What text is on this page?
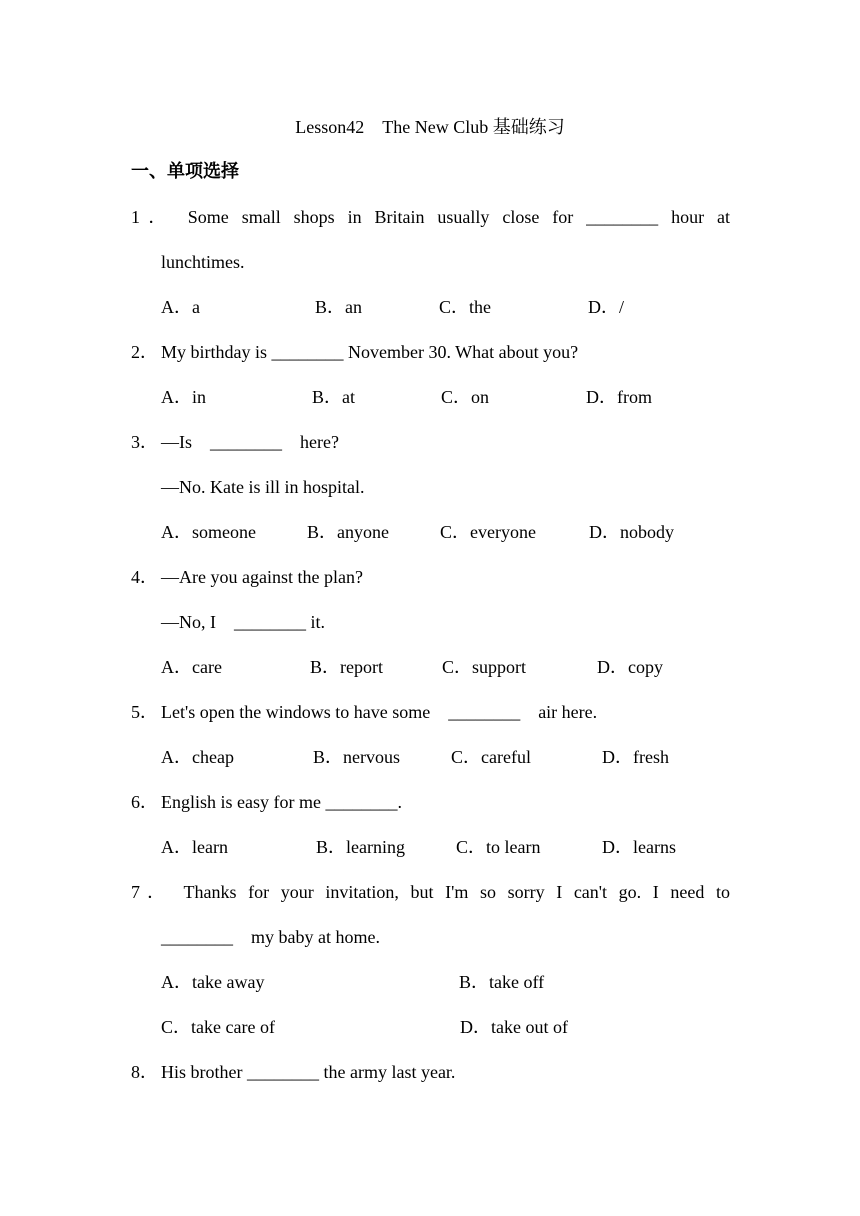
Lesson42　The New Club 基础练习
一、单项选择
1． Some small shops in Britain usually close for ________ hour at
lunchtimes.
A．a	B．an	C．the	D．/
2． My birthday is ________ November 30. What about you?
A．in	B．at	C．on	D．from
3． —Is　________　here?
—No. Kate is ill in hospital.
A．someone	B．anyone	C．everyone	D．nobody
4． —Are you against the plan?
—No, I　________ it.
A．care	B．report	C．support	D．copy
5． Let's open the windows to have some　________　air here.
A．cheap	B．nervous	C．careful	D．fresh
6． English is easy for me ________.
A．learn	B．learning	C．to learn	D．learns
7． Thanks for your invitation, but I'm so sorry I can't go. I need to
________　my baby at home.
A．take away	B．take off
C．take care of	D．take out of
8． His brother ________ the army last year.
